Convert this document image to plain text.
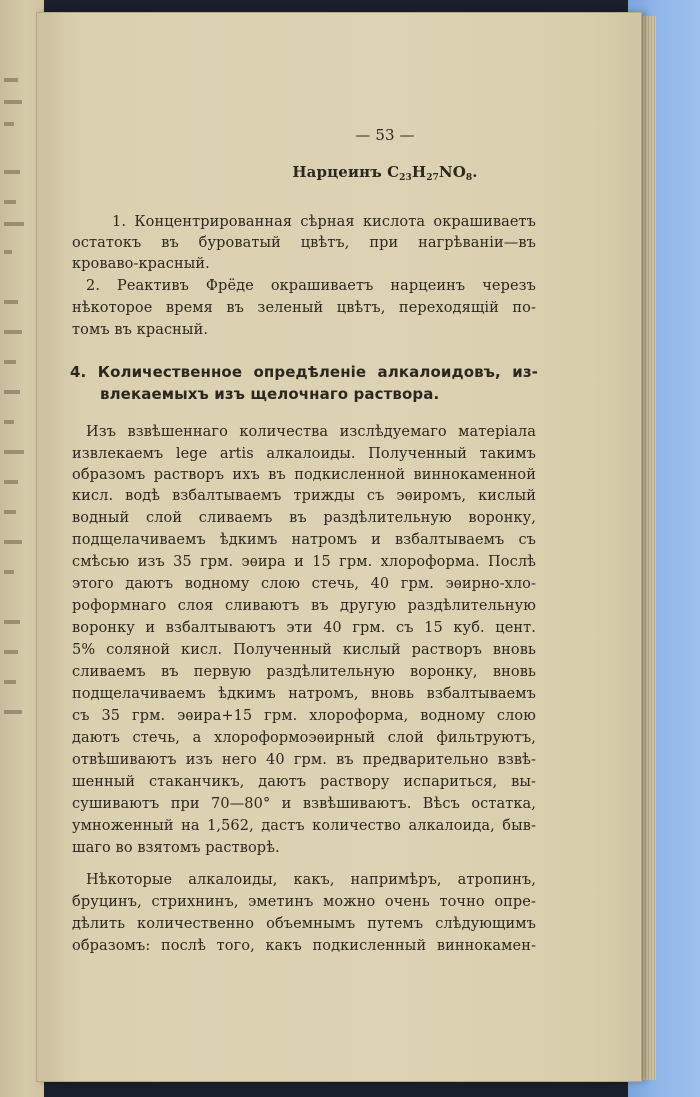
— 53 —
Нарцеинъ $С_{23}Н_{27}NO_8$.
1. Концентрированная сѣрная кислота окрашиваетъ
остатокъ въ буроватый цвѣтъ, при нагрѣваніи—въ
кроваво-красный.
2. Реактивъ Фрёде окрашиваетъ нарцеинъ черезъ
нѣкоторое время въ зеленый цвѣтъ, переходящій по-
томъ въ красный.
4. Количественное опредѣленіе алкалоидовъ, из-
влекаемыхъ изъ щелочнаго раствора.
Изъ взвѣшеннаго количества изслѣдуемаго матеріала
извлекаемъ lege artis алкалоиды. Полученный такимъ
образомъ растворъ ихъ въ подкисленной виннокаменной
кисл. водѣ взбалтываемъ трижды съ эѳиромъ, кислый
водный слой сливаемъ въ раздѣлительную воронку,
подщелачиваемъ ѣдкимъ натромъ и взбалтываемъ съ
смѣсью изъ 35 грм. эѳира и 15 грм. хлороформа. Послѣ
этого даютъ водному слою стечь, 40 грм. эѳирно-хло-
роформнаго слоя сливаютъ въ другую раздѣлительную
воронку и взбалтываютъ эти 40 грм. съ 15 куб. цент.
5% соляной кисл. Полученный кислый растворъ вновь
сливаемъ въ первую раздѣлительную воронку, вновь
подщелачиваемъ ѣдкимъ натромъ, вновь взбалтываемъ
съ 35 грм. эѳира+15 грм. хлороформа, водному слою
даютъ стечь, а хлороформоэѳирный слой фильтруютъ,
отвѣшиваютъ изъ него 40 грм. въ предварительно взвѣ-
шенный стаканчикъ, даютъ раствору испариться, вы-
сушиваютъ при 70—80° и взвѣшиваютъ. Вѣсъ остатка,
умноженный на 1,562, дастъ количество алкалоида, быв-
шаго во взятомъ растворѣ.
Нѣкоторые алкалоиды, какъ, напримѣръ, атропинъ,
бруцинъ, стрихнинъ, эметинъ можно очень точно опре-
дѣлить количественно объемнымъ путемъ слѣдующимъ
образомъ: послѣ того, какъ подкисленный виннокамен-
